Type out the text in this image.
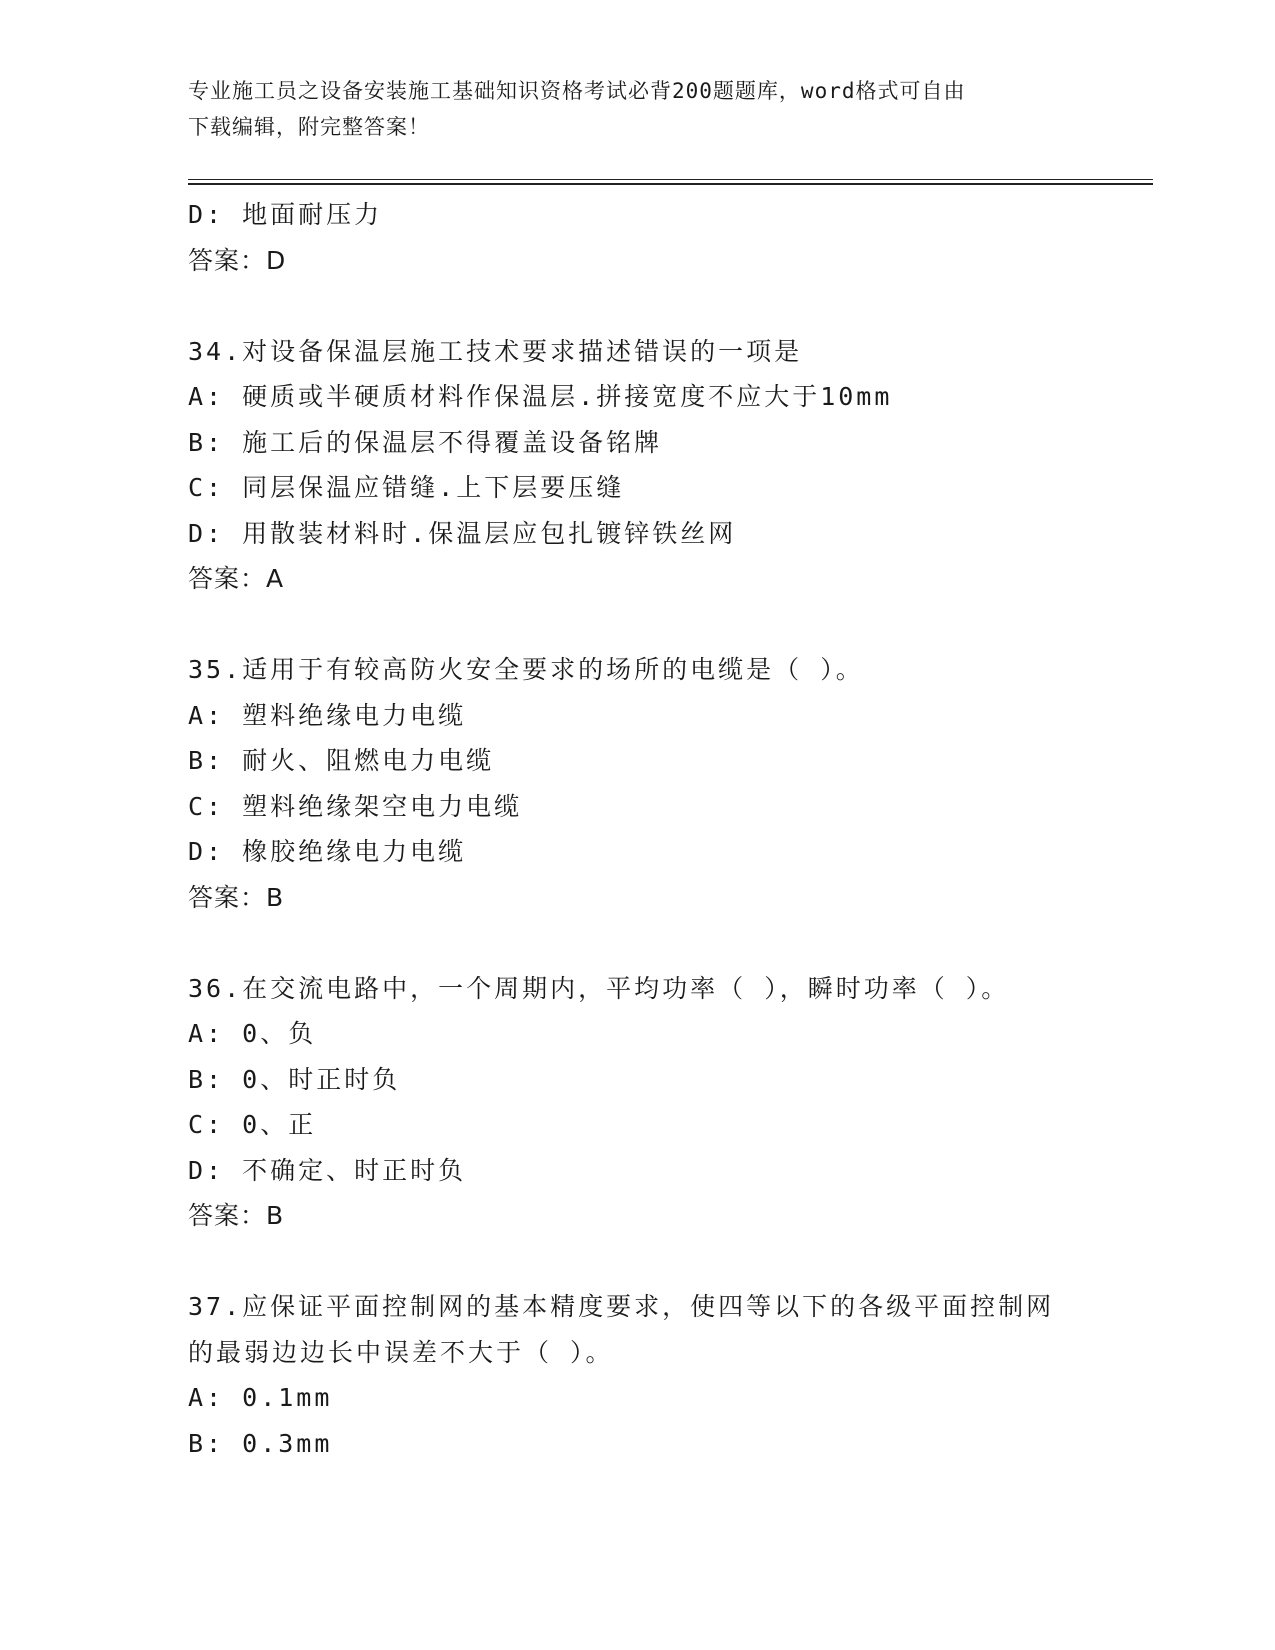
专业施工员之设备安装施工基础知识资格考试必背200题题库，word格式可自由
下载编辑，附完整答案！
D: 地面耐压力
答案：D
34.对设备保温层施工技术要求描述错误的一项是
A: 硬质或半硬质材料作保温层.拼接宽度不应大于10mm
B: 施工后的保温层不得覆盖设备铭牌
C: 同层保温应错缝.上下层要压缝
D: 用散装材料时.保温层应包扎镀锌铁丝网
答案：A
35.适用于有较高防火安全要求的场所的电缆是（ ）。
A: 塑料绝缘电力电缆
B: 耐火、阻燃电力电缆
C: 塑料绝缘架空电力电缆
D: 橡胶绝缘电力电缆
答案：B
36.在交流电路中，一个周期内，平均功率（ ），瞬时功率（ ）。
A: 0、负
B: 0、时正时负
C: 0、正
D: 不确定、时正时负
答案：B
37.应保证平面控制网的基本精度要求，使四等以下的各级平面控制网
的最弱边边长中误差不大于（ ）。
A: 0.1mm
B: 0.3mm
